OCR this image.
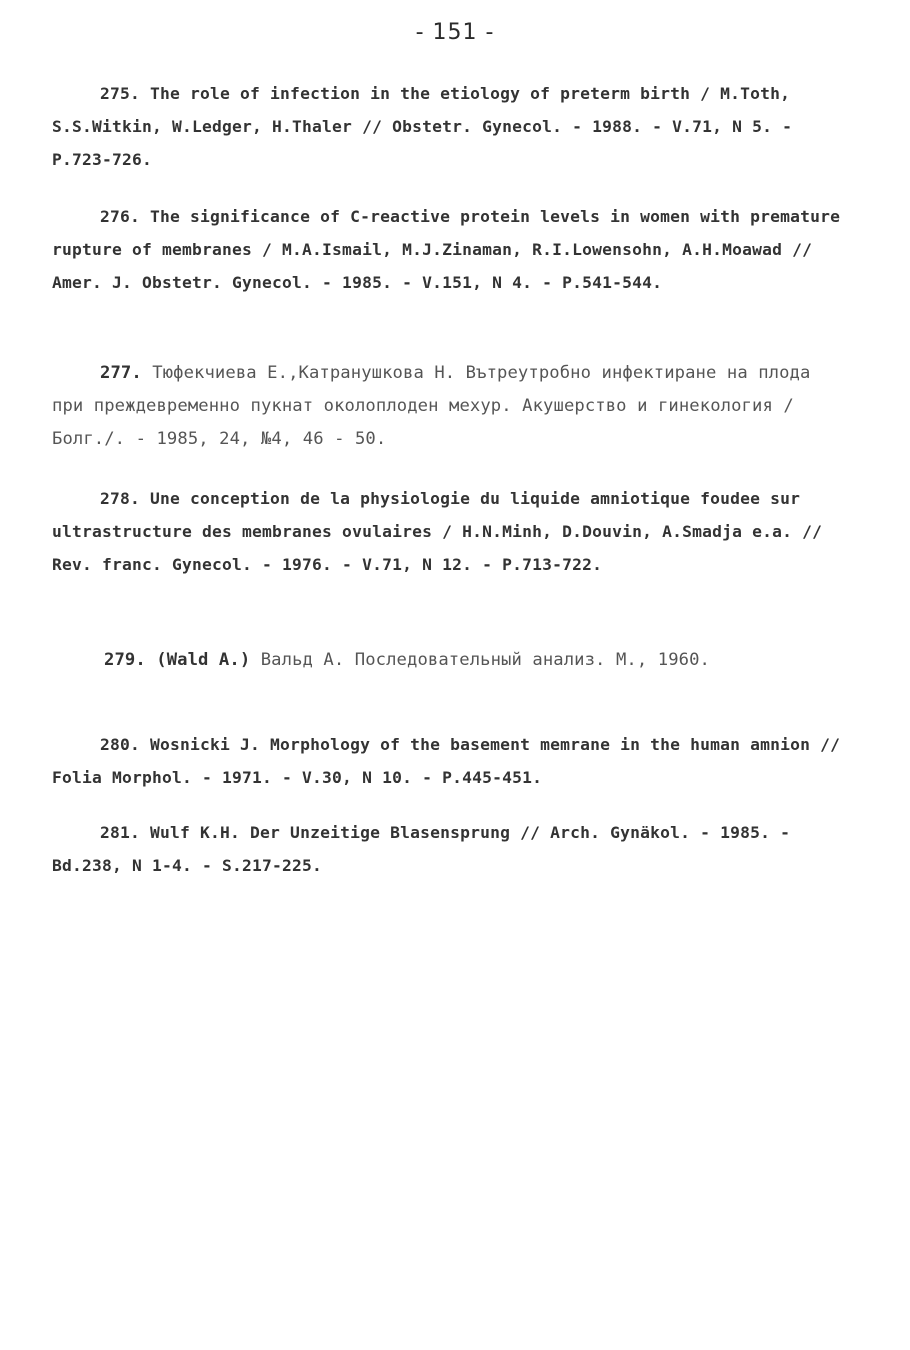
- 151 -

275. The role of infection in the etiology of preterm birth / M.Toth, S.S.Witkin, W.Ledger, H.Thaler // Obstetr. Gynecol. - 1988. - V.71, N 5. - P.723-726.

276. The significance of C-reactive protein levels in women with premature rupture of membranes / M.A.Ismail, M.J.Zinaman, R.I.Lowensohn, A.H.Moawad // Amer. J. Obstetr. Gynecol. - 1985. - V.151, N 4. - P.541-544.

277. Тюфекчиева Е.,Катранушкова Н. Вътреутробно инфектиране на плода при преждевременно пукнат околоплоден мехур. Акушерство и гинекология /Болг./. - 1985, 24, №4, 46 - 50.

278. Une conception de la physiologie du liquide amniotique foudee sur ultrastructure des membranes ovulaires / H.N.Minh, D.Douvin, A.Smadja e.a. // Rev. franc. Gynecol. - 1976. - V.71, N 12. - P.713-722.

279. (Wald A.) Вальд А. Последовательный анализ. М., 1960.

280. Wosnicki J. Morphology of the basement memrane in the human amnion // Folia Morphol. - 1971. - V.30, N 10. - P.445-451.

281. Wulf K.H. Der Unzeitige Blasensprung // Arch. Gynäkol. - 1985. - Bd.238, N 1-4. - S.217-225.
